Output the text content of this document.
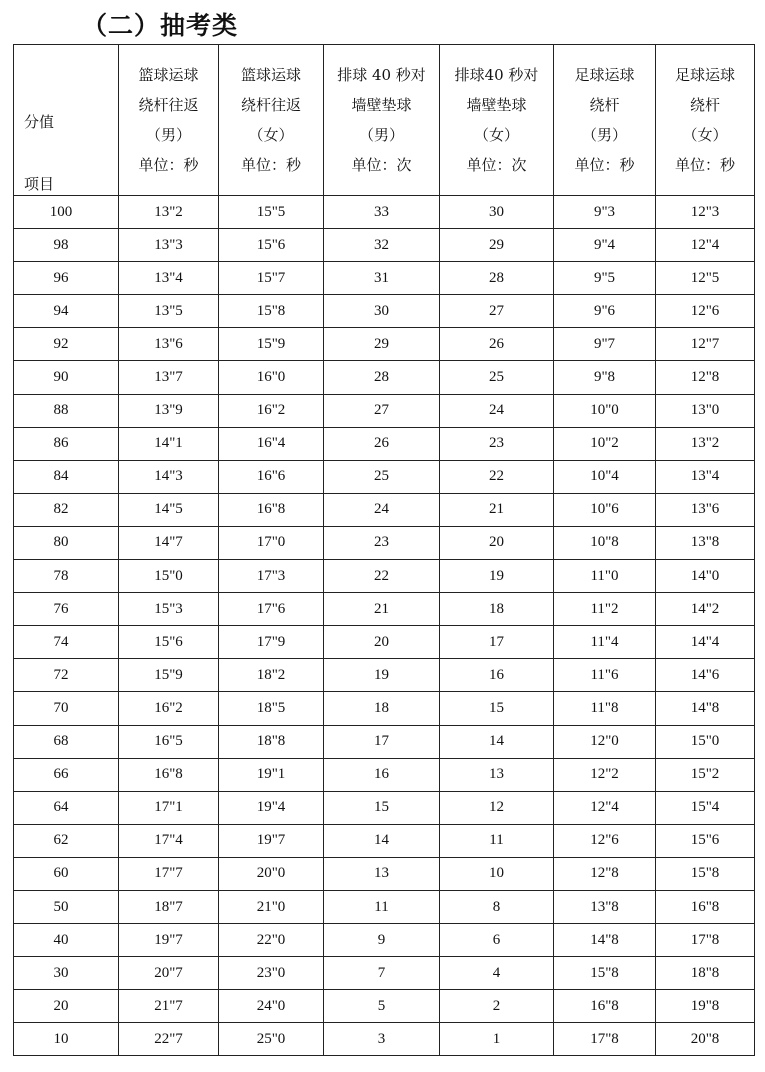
（二）抽考类
分值
项目	篮球运球
绕杆往返
（男）
单位：秒	篮球运球
绕杆往返
（女）
单位：秒	排球 40 秒对
墙壁垫球
（男）
单位：次	排球40 秒对
墙壁垫球
（女）
单位：次	足球运球
绕杆
（男）
单位：秒	足球运球
绕杆
（女）
单位：秒

100	13"2	15"5	33	30	9"3	12"3
98	13"3	15"6	32	29	9"4	12"4
96	13"4	15"7	31	28	9"5	12"5
94	13"5	15"8	30	27	9"6	12"6
92	13"6	15"9	29	26	9"7	12"7
90	13"7	16"0	28	25	9"8	12"8
88	13"9	16"2	27	24	10"0	13"0
86	14"1	16"4	26	23	10"2	13"2
84	14"3	16"6	25	22	10"4	13"4
82	14"5	16"8	24	21	10"6	13"6
80	14"7	17"0	23	20	10"8	13"8
78	15"0	17"3	22	19	11"0	14"0
76	15"3	17"6	21	18	11"2	14"2
74	15"6	17"9	20	17	11"4	14"4
72	15"9	18"2	19	16	11"6	14"6
70	16"2	18"5	18	15	11"8	14"8
68	16"5	18"8	17	14	12"0	15"0
66	16"8	19"1	16	13	12"2	15"2
64	17"1	19"4	15	12	12"4	15"4
62	17"4	19"7	14	11	12"6	15"6
60	17"7	20"0	13	10	12"8	15"8
50	18"7	21"0	11	8	13"8	16"8
40	19"7	22"0	9	6	14"8	17"8
30	20"7	23"0	7	4	15"8	18"8
20	21"7	24"0	5	2	16"8	19"8
10	22"7	25"0	3	1	17"8	20"8
